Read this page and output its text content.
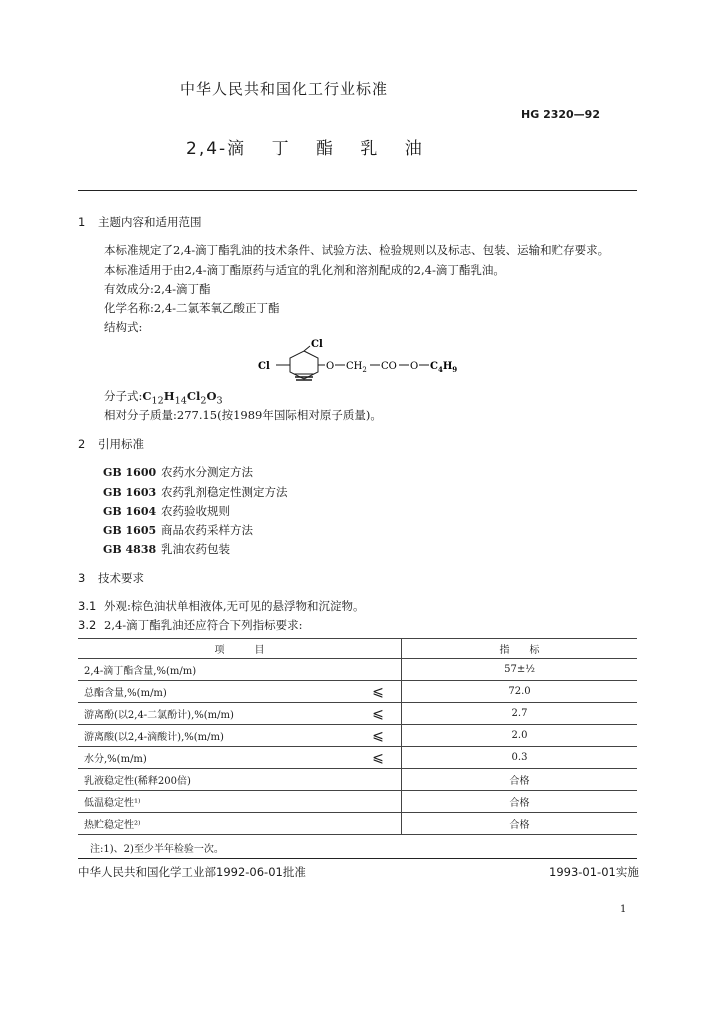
中华人民共和国化工行业标准
HG 2320—92
2,4-滴 丁 酯 乳 油
1 主题内容和适用范围
本标准规定了2,4-滴丁酯乳油的技术条件、试验方法、检验规则以及标志、包装、运输和贮存要求。
本标准适用于由2,4-滴丁酯原药与适宜的乳化剂和溶剂配成的2,4-滴丁酯乳油。
有效成分:2,4-滴丁酯
化学名称:2,4-二氯苯氧乙酸正丁酯
结构式:
Cl
Cl	O $CH_2$ CO O $C_4H_9$
分子式$:C_{12}H_{14}Cl_2O_3$
相对分子质量:277.15(按1989年国际相对原子质量)。
2 引用标准
GB 1600 农药水分测定方法
GB 1603 农药乳剂稳定性测定方法
GB 1604 农药验收规则
GB 1605 商品农药采样方法
GB 4838 乳油农药包装
3 技术要求
3.1 外观:棕色油状单相液体,无可见的悬浮物和沉淀物。
3.2 2,4-滴丁酯乳油还应符合下列指标要求:
项　　　目		指　　标
2,4-滴丁酯含量,%(m/m)		57±½
总酯含量,%(m/m)	⩽	72.0
游离酚(以2,4-二氯酚计),%(m/m)	⩽	2.7
游离酸(以2,4-滴酸计),%(m/m)	⩽	2.0
水分,%(m/m)	⩽	0.3
乳液稳定性(稀释200倍)		合格
低温稳定性¹⁾		合格
热贮稳定性²⁾		合格
注:1)、2)至少半年检验一次。
中华人民共和国化学工业部1992-06-01批准	1993-01-01实施
1
